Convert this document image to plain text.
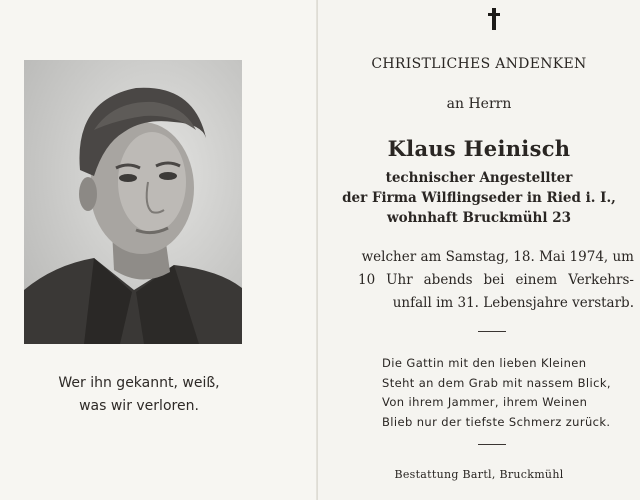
Wer ihn gekannt, weiß,
was wir verloren.
CHRISTLICHES ANDENKEN
an Herrn
Klaus Heinisch
technischer Angestellter
der Firma Wilflingseder in Ried i. I.,
wohnhaft Bruckmühl 23
welcher am Samstag, 18. Mai 1974, um
10 Uhr abends bei einem Verkehrs-
unfall im 31. Lebensjahre verstarb.
Die Gattin mit den lieben Kleinen
Steht an dem Grab mit nassem Blick,
Von ihrem Jammer, ihrem Weinen
Blieb nur der tiefste Schmerz zurück.
Bestattung Bartl, Bruckmühl
